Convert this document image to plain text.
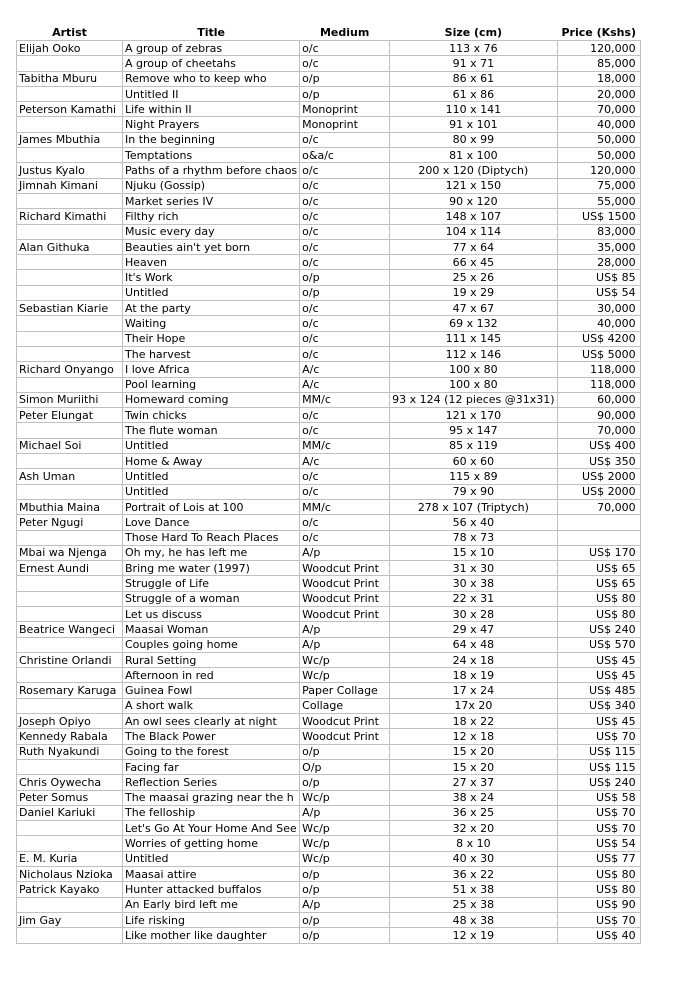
Artist	Title	Medium	Size (cm)	Price (Kshs)
Elijah Ooko	A group of zebras	o/c	113 x 76	120,000
	A group of cheetahs	o/c	91 x 71	85,000
Tabitha Mburu	Remove who to keep who	o/p	86 x 61	18,000
	Untitled II	o/p	61 x 86	20,000
Peterson Kamathi	Life within II	Monoprint	110 x 141	70,000
	Night Prayers	Monoprint	91 x 101	40,000
James Mbuthia	In the beginning	o/c	80 x 99	50,000
	Temptations	o&a/c	81 x 100	50,000
Justus Kyalo	Paths of a rhythm before chaos	o/c	200 x 120 (Diptych)	120,000
Jimnah Kimani	Njuku (Gossip)	o/c	121 x 150	75,000
	Market series IV	o/c	90 x 120	55,000
Richard Kimathi	Filthy rich	o/c	148 x 107	US$ 1500
	Music every day	o/c	104 x 114	83,000
Alan Githuka	Beauties ain't yet born	o/c	77 x 64	35,000
	Heaven	o/c	66 x 45	28,000
	It's Work	o/p	25 x 26	US$ 85
	Untitled	o/p	19 x 29	US$ 54
Sebastian Kiarie	At the party	o/c	47 x 67	30,000
	Waiting	o/c	69 x 132	40,000
	Their Hope	o/c	111 x 145	US$ 4200
	The harvest	o/c	112 x 146	US$ 5000
Richard Onyango	I love Africa	A/c	100 x 80	118,000
	Pool learning	A/c	100 x 80	118,000
Simon Muriithi	Homeward coming	MM/c	93 x 124 (12 pieces @31x31)	60,000
Peter Elungat	Twin chicks	o/c	121 x 170	90,000
	The flute woman	o/c	95 x 147	70,000
Michael Soi	Untitled	MM/c	85 x 119	US$ 400
	Home & Away	A/c	60 x 60	US$ 350
Ash Uman	Untitled	o/c	115 x 89	US$ 2000
	Untitled	o/c	79 x 90	US$ 2000
Mbuthia Maina	Portrait of Lois at 100	MM/c	278 x 107 (Triptych)	70,000
Peter Ngugi	Love Dance	o/c	56 x 40	
	Those Hard To Reach Places	o/c	78 x 73	
Mbai wa Njenga	Oh my, he has left me	A/p	15 x 10	US$ 170
Ernest Aundi	Bring me water (1997)	Woodcut Print	31 x 30	US$ 65
	Struggle of Life	Woodcut Print	30 x 38	US$ 65
	Struggle of a woman	Woodcut Print	22 x 31	US$ 80
	Let us discuss	Woodcut Print	30 x 28	US$ 80
Beatrice Wangeci	Maasai Woman	A/p	29 x 47	US$ 240
	Couples going home	A/p	64 x 48	US$ 570
Christine Orlandi	Rural Setting	Wc/p	24 x 18	US$ 45
	Afternoon in red	Wc/p	18 x 19	US$ 45
Rosemary Karuga	Guinea Fowl	Paper Collage	17 x 24	US$ 485
	A short walk	Collage	17x 20	US$ 340
Joseph Opiyo	An owl sees clearly at night	Woodcut Print	18 x 22	US$ 45
Kennedy Rabala	The Black Power	Woodcut Print	12 x 18	US$ 70
Ruth Nyakundi	Going to the forest	o/p	15 x 20	US$ 115
	Facing far	O/p	15 x 20	US$ 115
Chris Oywecha	Reflection Series	o/p	27 x 37	US$ 240
Peter Somus	The maasai grazing near the h	Wc/p	38 x 24	US$ 58
Daniel Kariuki	The felloship	A/p	36 x 25	US$ 70
	Let's Go At Your Home And See	Wc/p	32 x 20	US$ 70
	Worries of getting home	Wc/p	8 x 10	US$ 54
E. M. Kuria	Untitled	Wc/p	40 x 30	US$ 77
Nicholaus Nzioka	Maasai attire	o/p	36 x 22	US$ 80
Patrick Kayako	Hunter attacked buffalos	o/p	51 x 38	US$ 80
	An Early bird left me	A/p	25 x 38	US$ 90
Jim Gay	Life risking	o/p	48 x 38	US$ 70
	Like mother like daughter	o/p	12 x 19	US$ 40
